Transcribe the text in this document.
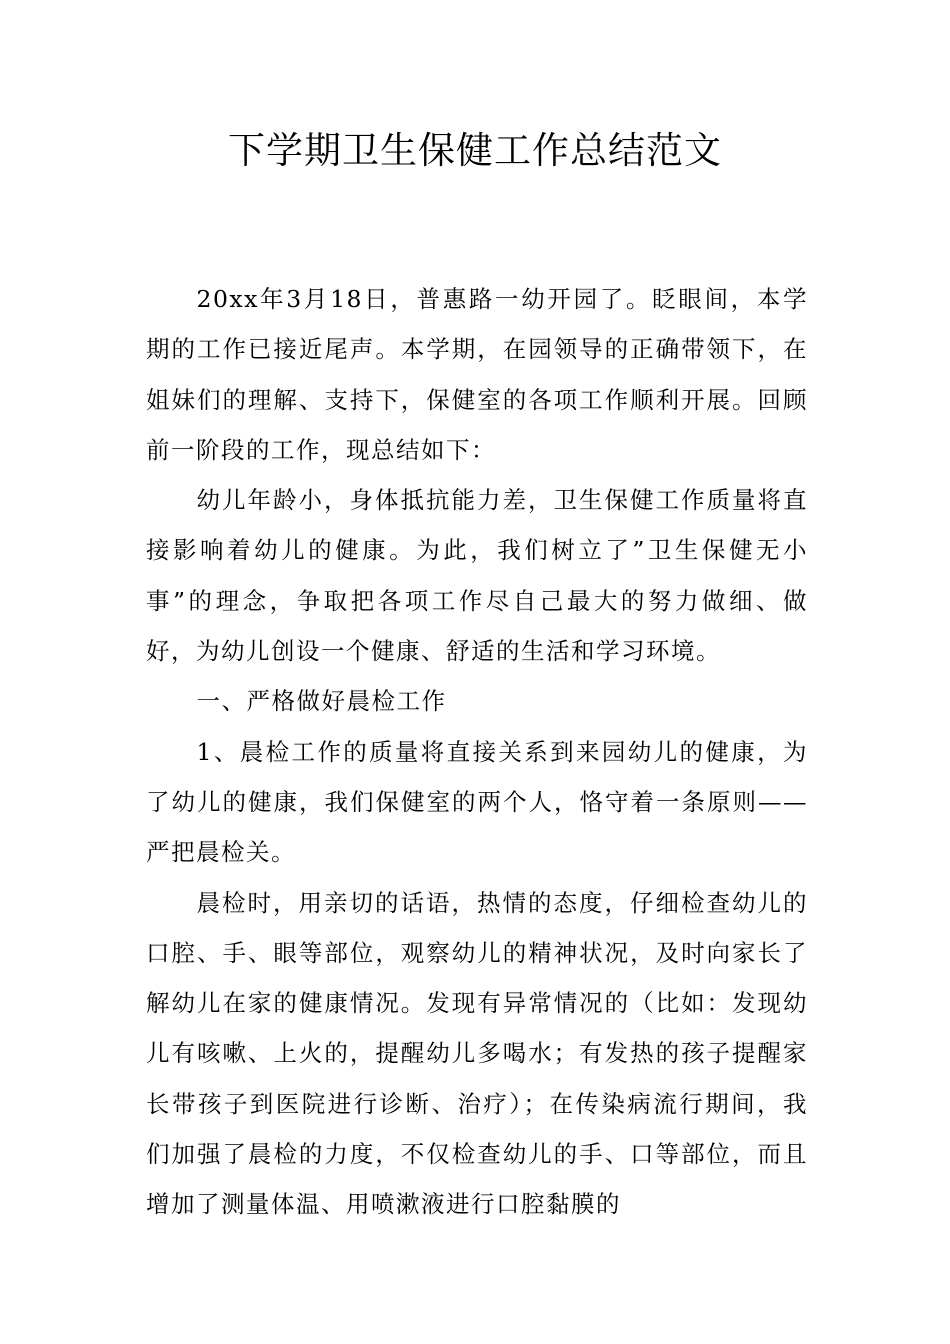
下学期卫生保健工作总结范文

20xx年3月18日，普惠路一幼开园了。眨眼间，本学期的工作已接近尾声。本学期，在园领导的正确带领下，在姐妹们的理解、支持下，保健室的各项工作顺利开展。回顾前一阶段的工作，现总结如下：

幼儿年龄小，身体抵抗能力差，卫生保健工作质量将直接影响着幼儿的健康。为此，我们树立了”卫生保健无小事”的理念，争取把各项工作尽自己最大的努力做细、做好，为幼儿创设一个健康、舒适的生活和学习环境。

一、严格做好晨检工作

1、晨检工作的质量将直接关系到来园幼儿的健康，为了幼儿的健康，我们保健室的两个人，恪守着一条原则——严把晨检关。

晨检时，用亲切的话语，热情的态度，仔细检查幼儿的口腔、手、眼等部位，观察幼儿的精神状况，及时向家长了解幼儿在家的健康情况。发现有异常情况的（比如：发现幼儿有咳嗽、上火的，提醒幼儿多喝水；有发热的孩子提醒家长带孩子到医院进行诊断、治疗）；在传染病流行期间，我们加强了晨检的力度，不仅检查幼儿的手、口等部位，而且增加了测量体温、用喷漱液进行口腔黏膜的
